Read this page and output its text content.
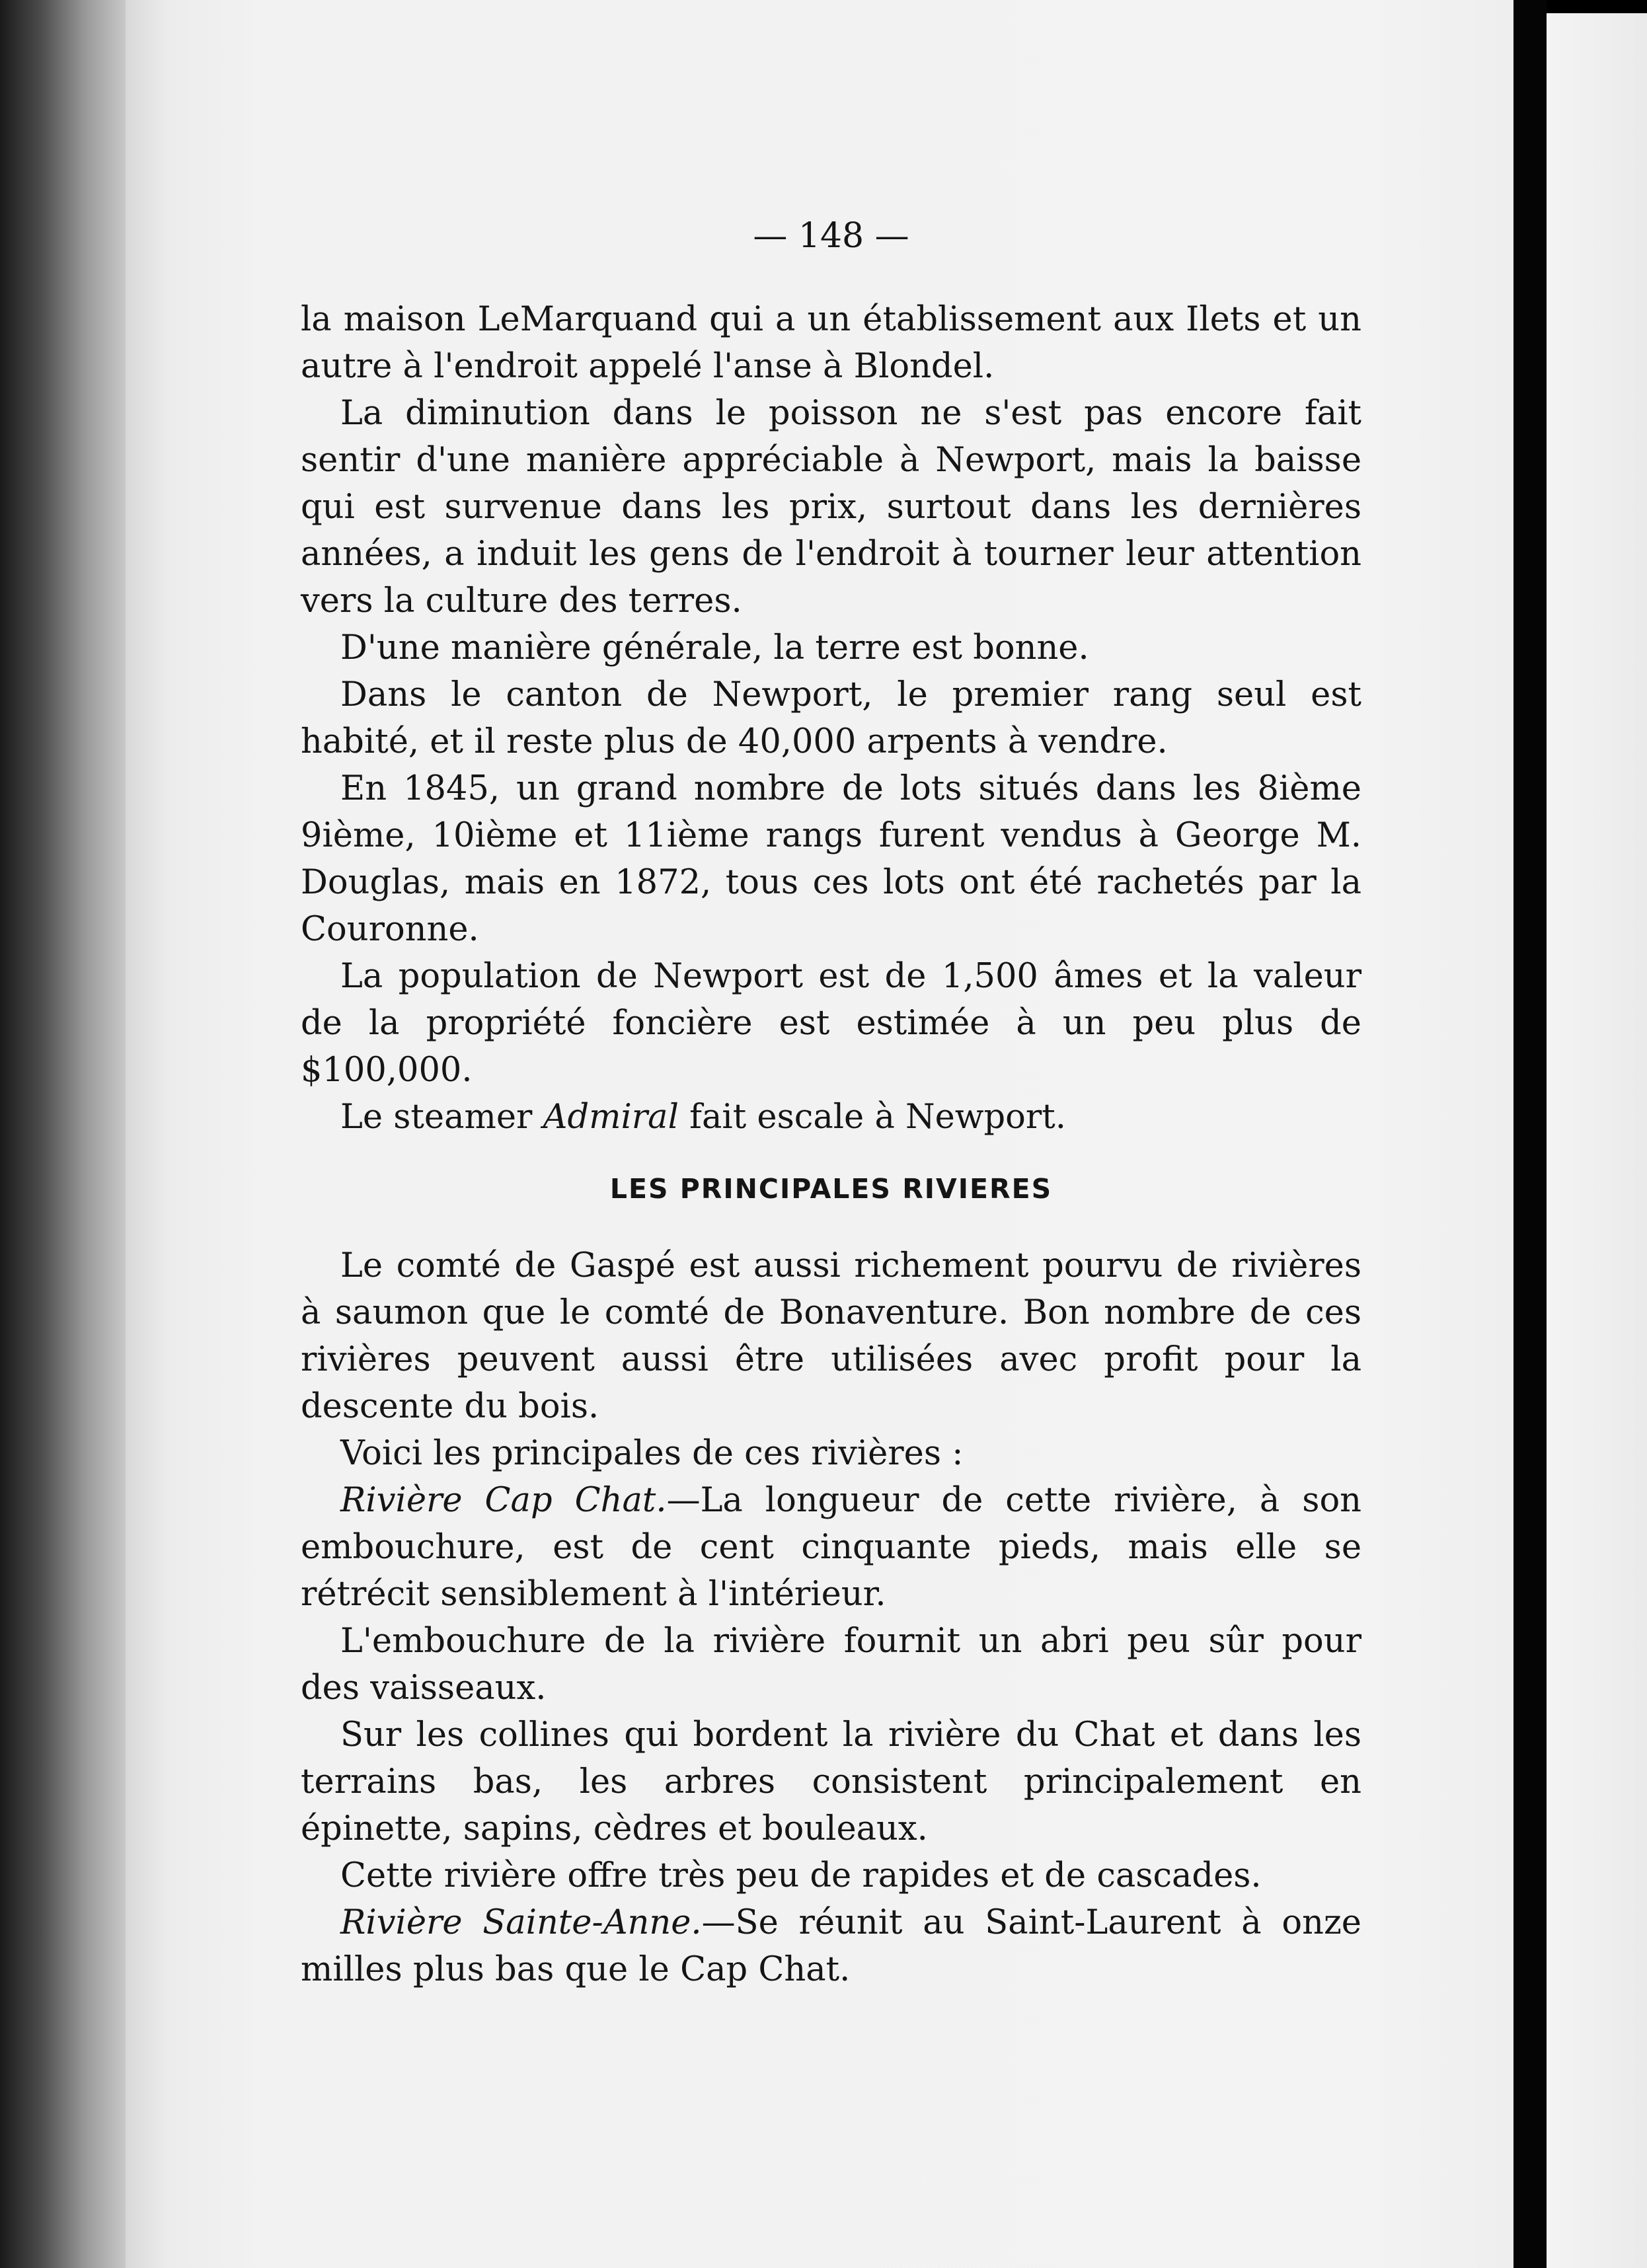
— 148 —

la maison LeMarquand qui a un établissement aux Ilets et un autre à l'endroit appelé l'anse à Blondel.

La diminution dans le poisson ne s'est pas encore fait sentir d'une manière appréciable à Newport, mais la baisse qui est survenue dans les prix, surtout dans les dernières années, a induit les gens de l'endroit à tourner leur attention vers la culture des terres.

D'une manière générale, la terre est bonne.

Dans le canton de Newport, le premier rang seul est habité, et il reste plus de 40,000 arpents à vendre.

En 1845, un grand nombre de lots situés dans les 8ième 9ième, 10ième et 11ième rangs furent vendus à George M. Douglas, mais en 1872, tous ces lots ont été rachetés par la Couronne.

La population de Newport est de 1,500 âmes et la valeur de la propriété foncière est estimée à un peu plus de $100,000.

Le steamer Admiral fait escale à Newport.

LES PRINCIPALES RIVIERES

Le comté de Gaspé est aussi richement pourvu de rivières à saumon que le comté de Bonaventure. Bon nombre de ces rivières peuvent aussi être utilisées avec profit pour la descente du bois.

Voici les principales de ces rivières :

Rivière Cap Chat.—La longueur de cette rivière, à son embouchure, est de cent cinquante pieds, mais elle se rétrécit sensiblement à l'intérieur.

L'embouchure de la rivière fournit un abri peu sûr pour des vaisseaux.

Sur les collines qui bordent la rivière du Chat et dans les terrains bas, les arbres consistent principalement en épinette, sapins, cèdres et bouleaux.

Cette rivière offre très peu de rapides et de cascades.

Rivière Sainte-Anne.—Se réunit au Saint-Laurent à onze milles plus bas que le Cap Chat.
